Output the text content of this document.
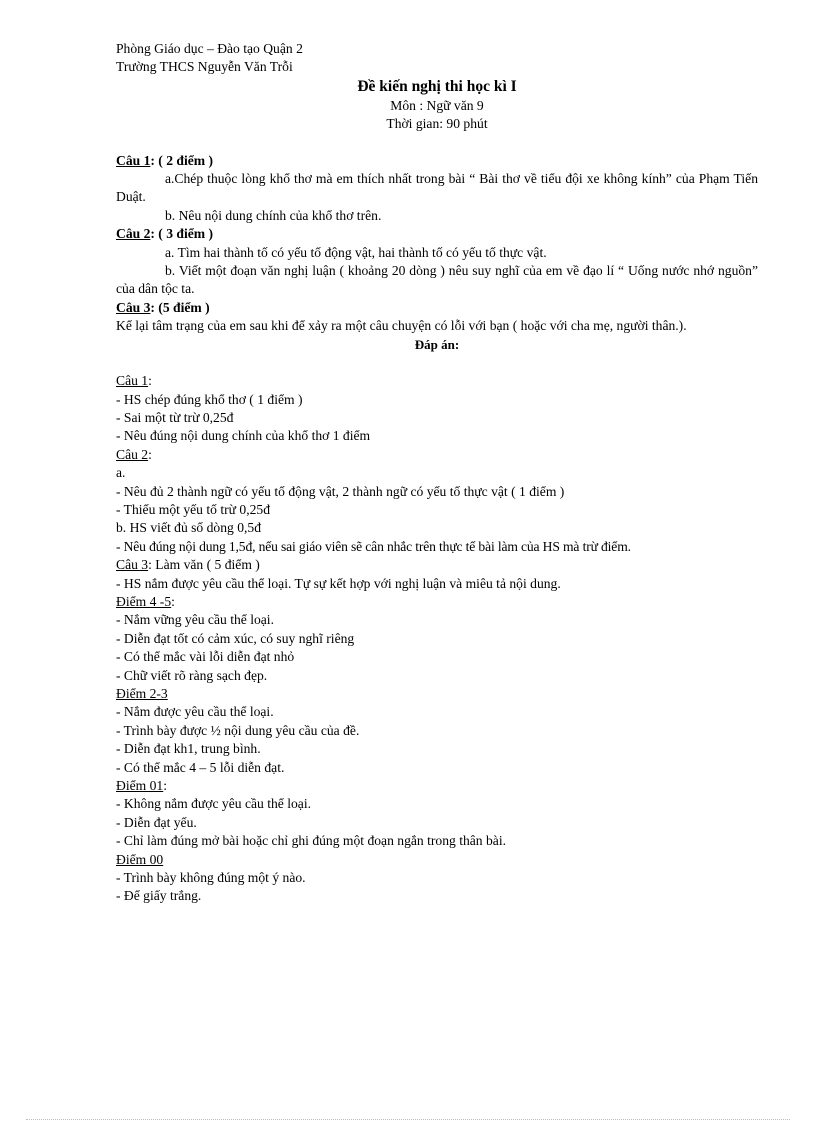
Phòng Giáo dục – Đào tạo Quận 2
Trường THCS Nguyễn Văn Trỗi
Đề kiến nghị thi học kì I
Môn : Ngữ văn 9
Thời gian: 90 phút
Câu 1: ( 2 điểm )
a.Chép thuộc lòng khổ thơ mà em thích nhất trong bài “ Bài thơ về tiểu đội xe không kính” của Phạm Tiến Duật.
b. Nêu nội dung chính của khổ thơ trên.
Câu 2: ( 3 điểm )
a. Tìm hai thành tố có yếu tố động vật, hai thành tố có yếu tố thực vật.
b. Viết một đoạn văn nghị luận ( khoảng 20 dòng ) nêu suy nghĩ của em về đạo lí “ Uống nước nhớ nguồn” của dân tộc ta.
Câu 3: (5 điểm )
Kể lại tâm trạng của em sau khi để xảy ra một câu chuyện có lỗi với bạn ( hoặc với cha mẹ, người thân.).
Đáp án:
Câu 1:
- HS chép đúng khổ thơ ( 1 điểm )
- Sai một từ trừ 0,25đ
- Nêu đúng nội dung chính của khổ thơ 1 điểm
Câu 2:
a.
- Nêu đủ 2 thành ngữ có yếu tố động vật, 2 thành ngữ có yếu tố thực vật ( 1 điểm )
- Thiếu một yếu tố trừ 0,25đ
b. HS viết đủ số dòng 0,5đ
- Nêu đúng nội dung 1,5đ, nếu sai giáo viên sẽ cân nhắc trên thực tế bài làm của HS mà trừ điểm.
Câu 3: Làm văn ( 5 điểm )
- HS nắm được yêu cầu thể loại. Tự sự kết hợp với nghị luận và miêu tả nội dung.
Điểm 4 -5:
- Nắm vững yêu cầu thể loại.
- Diễn đạt tốt có cảm xúc, có suy nghĩ riêng
- Có thể mắc vài lỗi diễn đạt nhỏ
- Chữ viết rõ ràng sạch đẹp.
Điểm 2-3
- Nắm được yêu cầu thể loại.
- Trình bày được ½ nội dung yêu cầu của đề.
- Diễn đạt kh1, trung bình.
- Có thể mắc 4 – 5 lỗi diễn đạt.
Điểm 01:
- Không nắm được yêu cầu thể loại.
- Diễn đạt yếu.
- Chỉ làm đúng mở bài hoặc chỉ ghi đúng một đoạn ngắn trong thân bài.
Điểm 00
- Trình bày không đúng một ý nào.
- Để giấy trắng.
